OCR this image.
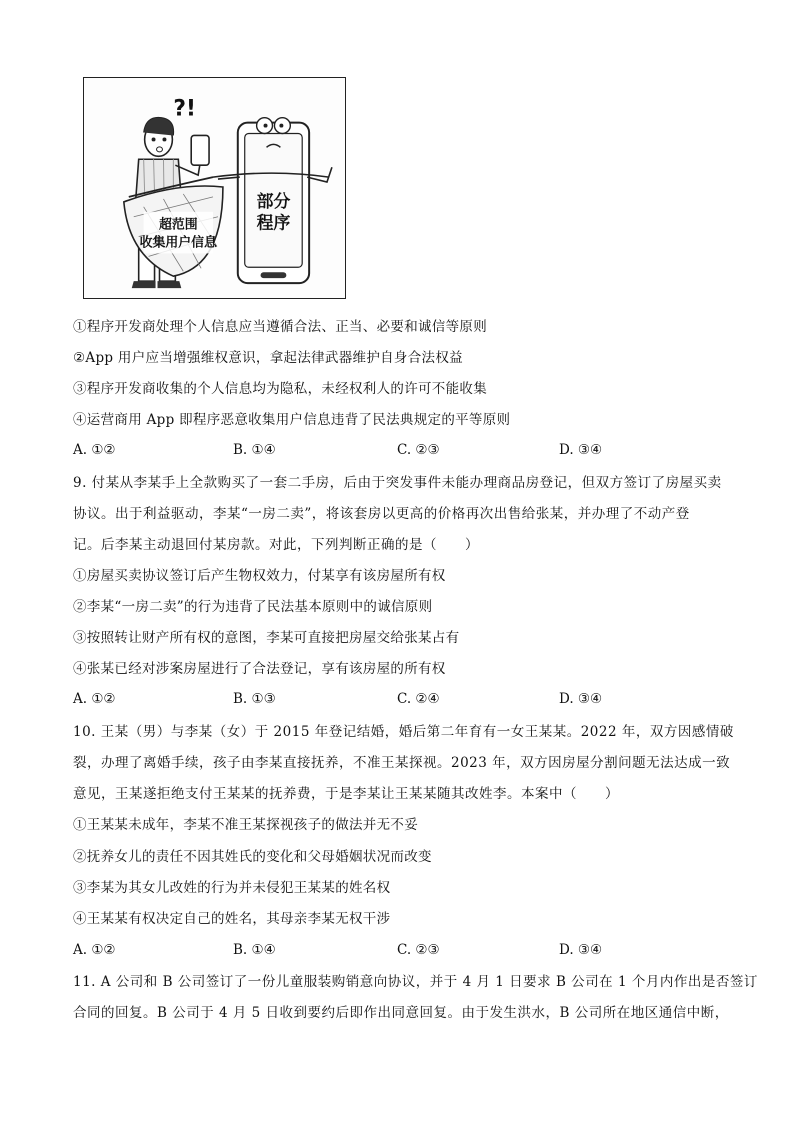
?!
超范围
收集用户信息
部分
程序
①程序开发商处理个人信息应当遵循合法、正当、必要和诚信等原则
②App 用户应当增强维权意识，拿起法律武器维护自身合法权益
③程序开发商收集的个人信息均为隐私，未经权利人的许可不能收集
④运营商用 App 即程序恶意收集用户信息违背了民法典规定的平等原则
A. ①②	B. ①④	C. ②③	D. ③④
9. 付某从李某手上全款购买了一套二手房，后由于突发事件未能办理商品房登记，但双方签订了房屋买卖
协议。出于利益驱动，李某“一房二卖”，将该套房以更高的价格再次出售给张某，并办理了不动产登
记。后李某主动退回付某房款。对此，下列判断正确的是（　　）
①房屋买卖协议签订后产生物权效力，付某享有该房屋所有权
②李某“一房二卖”的行为违背了民法基本原则中的诚信原则
③按照转让财产所有权的意图，李某可直接把房屋交给张某占有
④张某已经对涉案房屋进行了合法登记，享有该房屋的所有权
A. ①②	B. ①③	C. ②④	D. ③④
10. 王某（男）与李某（女）于 2015 年登记结婚，婚后第二年育有一女王某某。2022 年，双方因感情破
裂，办理了离婚手续，孩子由李某直接抚养，不准王某探视。2023 年，双方因房屋分割问题无法达成一致
意见，王某遂拒绝支付王某某的抚养费，于是李某让王某某随其改姓李。本案中（　　）
①王某某未成年，李某不准王某探视孩子的做法并无不妥
②抚养女儿的责任不因其姓氏的变化和父母婚姻状况而改变
③李某为其女儿改姓的行为并未侵犯王某某的姓名权
④王某某有权决定自己的姓名，其母亲李某无权干涉
A. ①②	B. ①④	C. ②③	D. ③④
11. A 公司和 B 公司签订了一份儿童服装购销意向协议，并于 4 月 1 日要求 B 公司在 1 个月内作出是否签订
合同的回复。B 公司于 4 月 5 日收到要约后即作出同意回复。由于发生洪水，B 公司所在地区通信中断，
